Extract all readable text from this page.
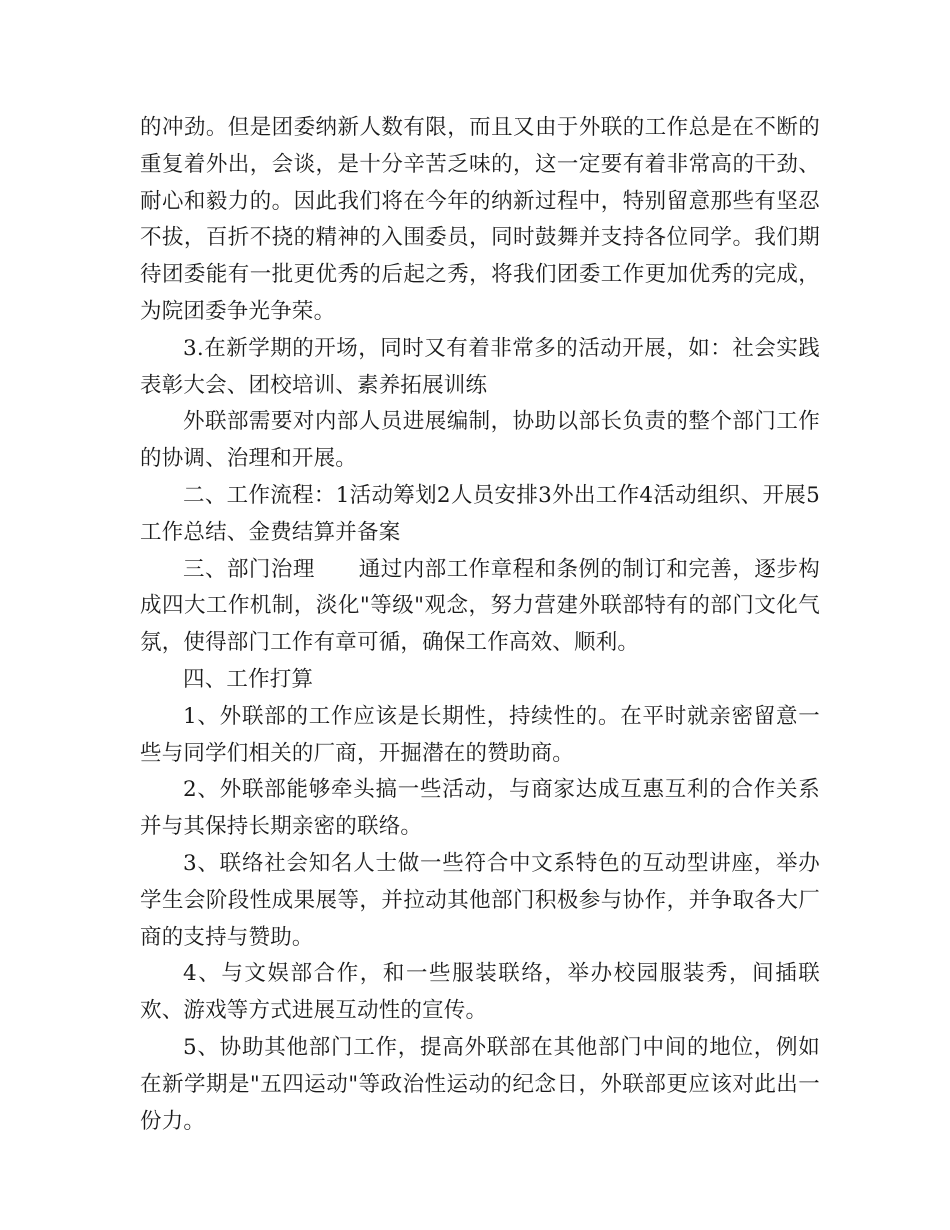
的冲劲。但是团委纳新人数有限，而且又由于外联的工作总是在不断的重复着外出，会谈，是十分辛苦乏味的，这一定要有着非常高的干劲、耐心和毅力的。因此我们将在今年的纳新过程中，特别留意那些有坚忍不拔，百折不挠的精神的入围委员，同时鼓舞并支持各位同学。我们期待团委能有一批更优秀的后起之秀，将我们团委工作更加优秀的完成，为院团委争光争荣。

3.在新学期的开场，同时又有着非常多的活动开展，如：社会实践表彰大会、团校培训、素养拓展训练

外联部需要对内部人员进展编制，协助以部长负责的整个部门工作的协调、治理和开展。

二、工作流程：1活动筹划2人员安排3外出工作4活动组织、开展5工作总结、金费结算并备案

三、部门治理　　通过内部工作章程和条例的制订和完善，逐步构成四大工作机制，淡化"等级"观念，努力营建外联部特有的部门文化气氛，使得部门工作有章可循，确保工作高效、顺利。

四、工作打算

1、外联部的工作应该是长期性，持续性的。在平时就亲密留意一些与同学们相关的厂商，开掘潜在的赞助商。

2、外联部能够牵头搞一些活动，与商家达成互惠互利的合作关系并与其保持长期亲密的联络。

3、联络社会知名人士做一些符合中文系特色的互动型讲座，举办学生会阶段性成果展等，并拉动其他部门积极参与协作，并争取各大厂商的支持与赞助。

4、与文娱部合作，和一些服装联络，举办校园服装秀，间插联欢、游戏等方式进展互动性的宣传。

5、协助其他部门工作，提高外联部在其他部门中间的地位，例如在新学期是"五四运动"等政治性运动的纪念日，外联部更应该对此出一份力。
